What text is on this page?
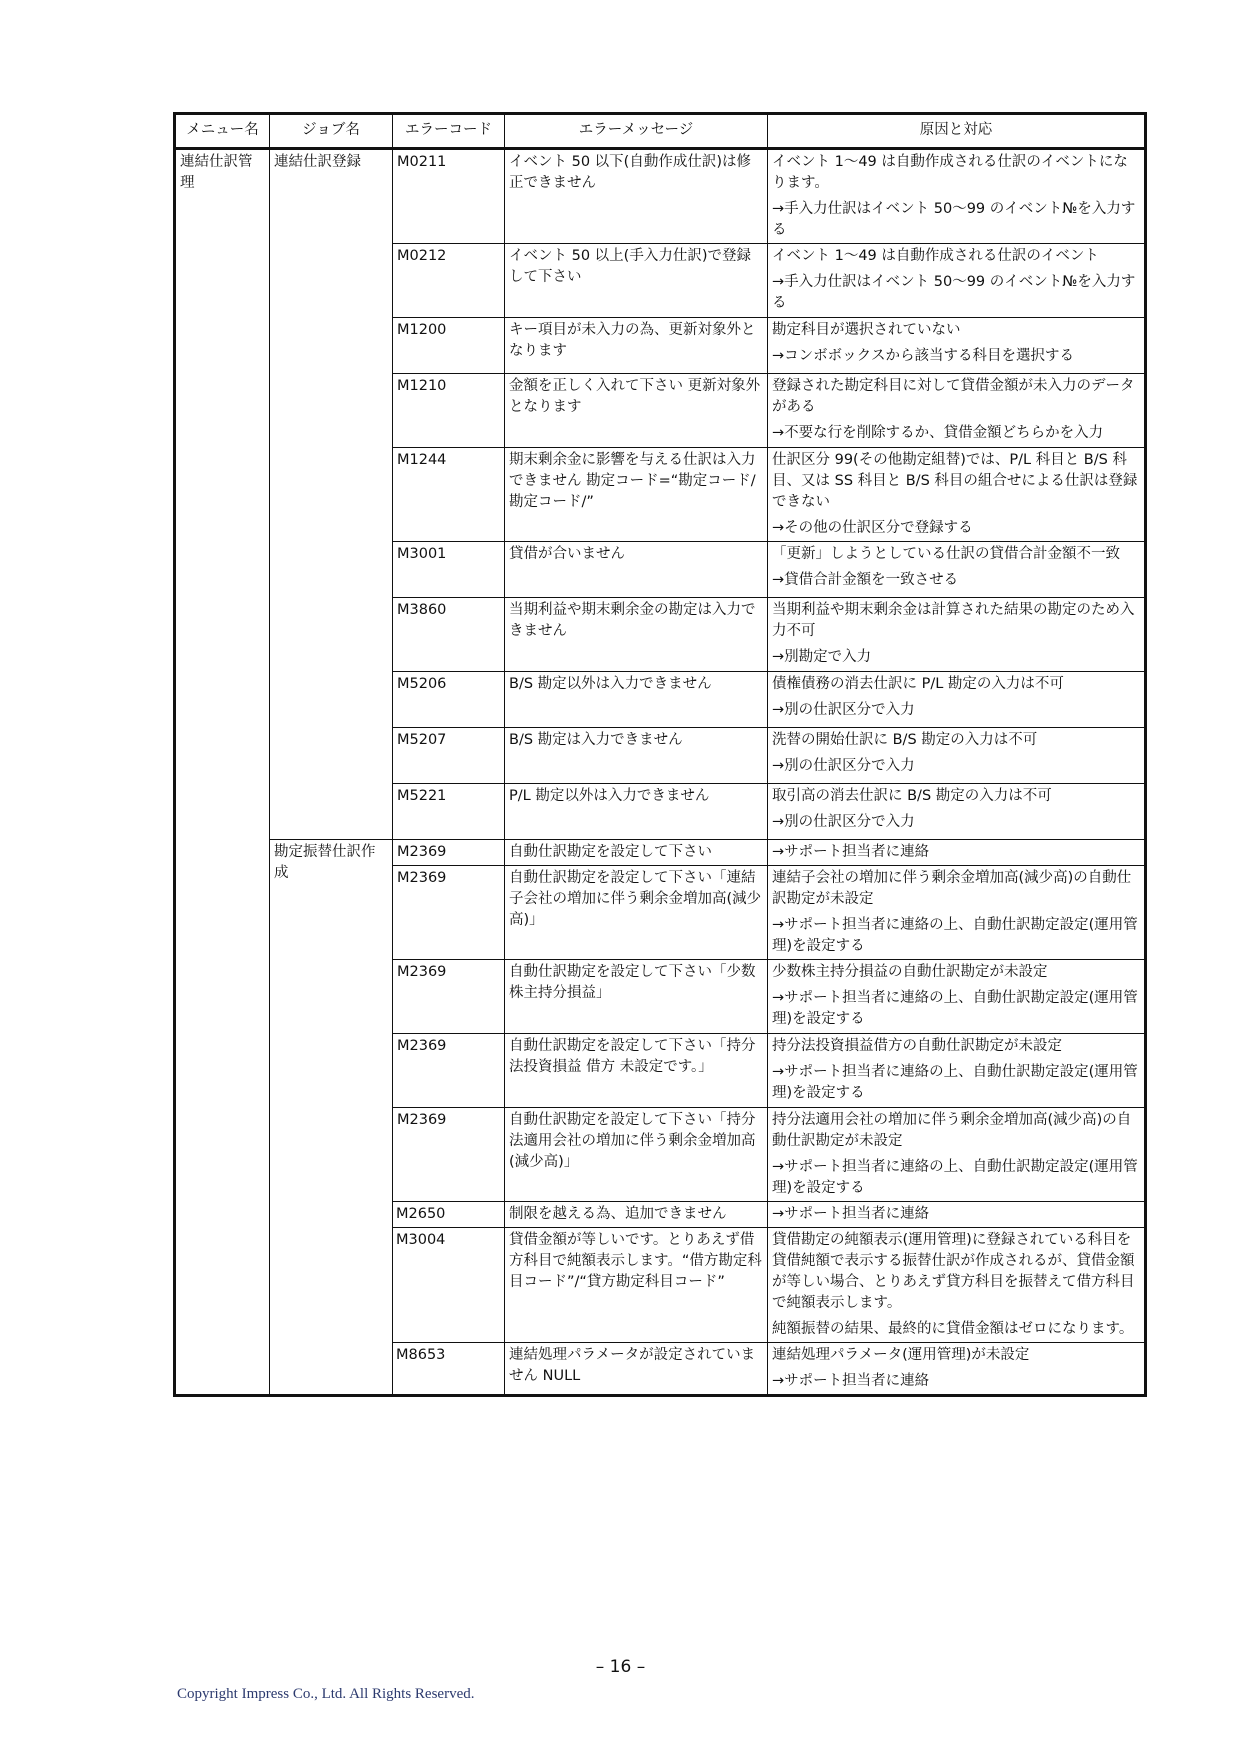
メニュー名	ジョブ名	エラーコード	エラーメッセージ	原因と対応
連結仕訳管理	連結仕訳登録	M0211	イベント 50 以下(自動作成仕訳)は修正できません	イベント 1～49 は自動作成される仕訳のイベントになります。
→手入力仕訳はイベント 50～99 のイベント№を入力する

		M0212	イベント 50 以上(手入力仕訳)で登録して下さい	イベント 1～49 は自動作成される仕訳のイベント
→手入力仕訳はイベント 50～99 のイベント№を入力する

		M1200	キー項目が未入力の為、更新対象外となります	勘定科目が選択されていない
→コンボボックスから該当する科目を選択する

		M1210	金額を正しく入れて下さい 更新対象外となります	登録された勘定科目に対して貸借金額が未入力のデータがある
→不要な行を削除するか、貸借金額どちらかを入力

		M1244	期末剰余金に影響を与える仕訳は入力できません 勘定コード=“勘定コード/勘定コード/”	仕訳区分 99(その他勘定組替)では、P/L 科目と B/S 科目、又は SS 科目と B/S 科目の組合せによる仕訳は登録できない
→その他の仕訳区分で登録する

		M3001	貸借が合いません	「更新」しようとしている仕訳の貸借合計金額不一致
→貸借合計金額を一致させる

		M3860	当期利益や期末剰余金の勘定は入力できません	当期利益や期末剰余金は計算された結果の勘定のため入力不可
→別勘定で入力

		M5206	B/S 勘定以外は入力できません	債権債務の消去仕訳に P/L 勘定の入力は不可
→別の仕訳区分で入力

		M5207	B/S 勘定は入力できません	洗替の開始仕訳に B/S 勘定の入力は不可
→別の仕訳区分で入力

		M5221	P/L 勘定以外は入力できません	取引高の消去仕訳に B/S 勘定の入力は不可
→別の仕訳区分で入力

	勘定振替仕訳作成	M2369	自動仕訳勘定を設定して下さい	→サポート担当者に連絡

		M2369	自動仕訳勘定を設定して下さい「連結子会社の増加に伴う剰余金増加高(減少高)」	連結子会社の増加に伴う剰余金増加高(減少高)の自動仕訳勘定が未設定
→サポート担当者に連絡の上、自動仕訳勘定設定(運用管理)を設定する

		M2369	自動仕訳勘定を設定して下さい「少数株主持分損益」	少数株主持分損益の自動仕訳勘定が未設定
→サポート担当者に連絡の上、自動仕訳勘定設定(運用管理)を設定する

		M2369	自動仕訳勘定を設定して下さい「持分法投資損益 借方 未設定です。」	持分法投資損益借方の自動仕訳勘定が未設定
→サポート担当者に連絡の上、自動仕訳勘定設定(運用管理)を設定する

		M2369	自動仕訳勘定を設定して下さい「持分法適用会社の増加に伴う剰余金増加高(減少高)」	持分法適用会社の増加に伴う剰余金増加高(減少高)の自動仕訳勘定が未設定
→サポート担当者に連絡の上、自動仕訳勘定設定(運用管理)を設定する

		M2650	制限を越える為、追加できません	→サポート担当者に連絡

		M3004	貸借金額が等しいです。とりあえず借方科目で純額表示します。“借方勘定科目コード”/“貸方勘定科目コード”	貸借勘定の純額表示(運用管理)に登録されている科目を貸借純額で表示する振替仕訳が作成されるが、貸借金額が等しい場合、とりあえず貸方科目を振替えて借方科目で純額表示します。
純額振替の結果、最終的に貸借金額はゼロになります。

		M8653	連結処理パラメータが設定されていません NULL	連結処理パラメータ(運用管理)が未設定
→サポート担当者に連絡
– 16 –
Copyright Impress Co., Ltd. All Rights Reserved.
